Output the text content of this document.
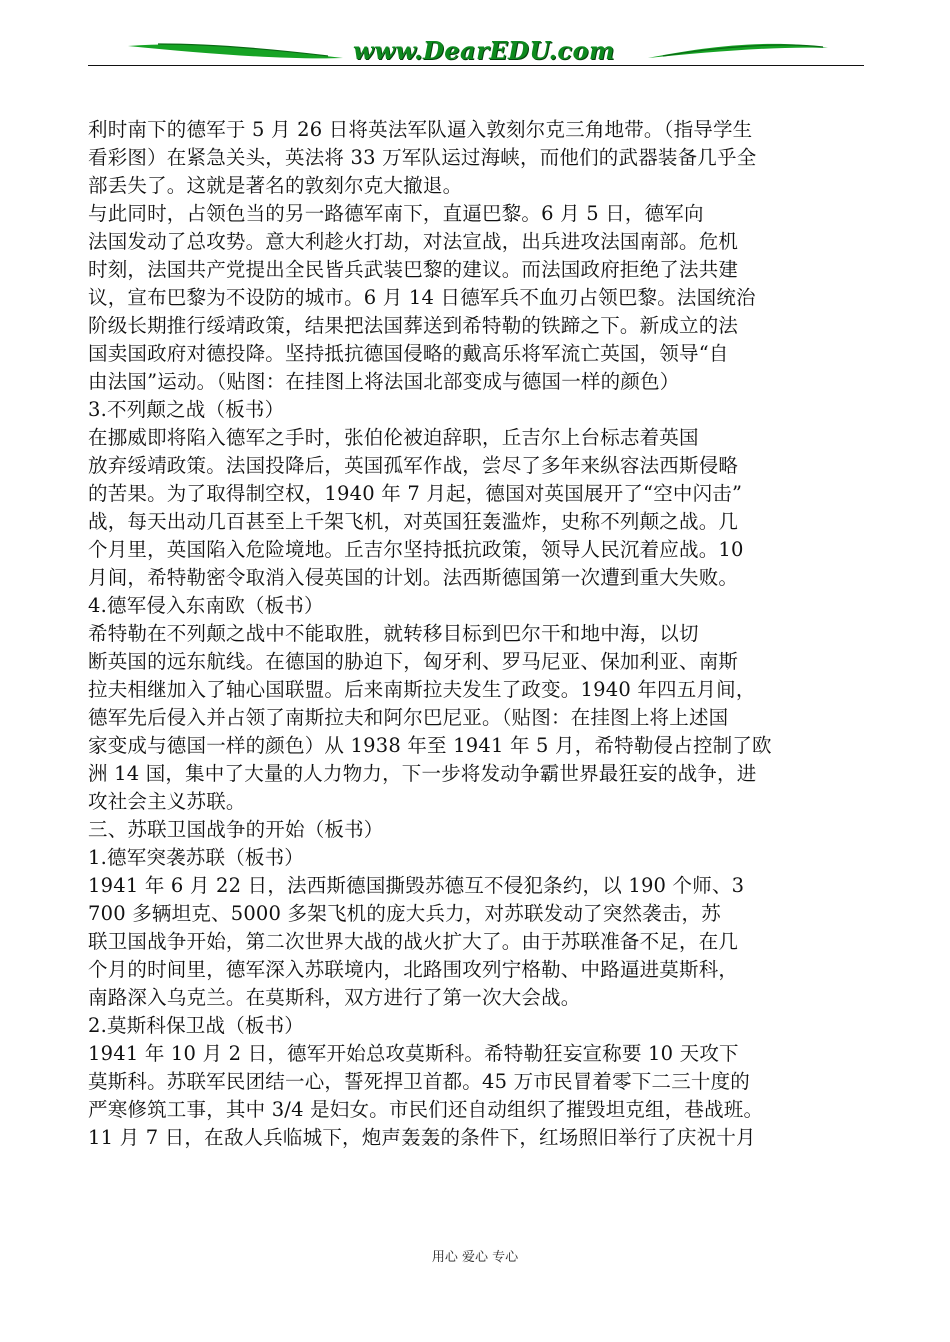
www.DearEDU.com
利时南下的德军于 5 月 26 日将英法军队逼入敦刻尔克三角地带。（指导学生
看彩图）在紧急关头，英法将 33 万军队运过海峡，而他们的武器装备几乎全
部丢失了。这就是著名的敦刻尔克大撤退。
与此同时，占领色当的另一路德军南下，直逼巴黎。6 月 5 日，德军向
法国发动了总攻势。意大利趁火打劫，对法宣战，出兵进攻法国南部。危机
时刻，法国共产党提出全民皆兵武装巴黎的建议。而法国政府拒绝了法共建
议，宣布巴黎为不设防的城市。6 月 14 日德军兵不血刃占领巴黎。法国统治
阶级长期推行绥靖政策，结果把法国葬送到希特勒的铁蹄之下。新成立的法
国卖国政府对德投降。坚持抵抗德国侵略的戴高乐将军流亡英国，领导“自
由法国”运动。（贴图：在挂图上将法国北部变成与德国一样的颜色）
3.不列颠之战（板书）
在挪威即将陷入德军之手时，张伯伦被迫辞职，丘吉尔上台标志着英国
放弃绥靖政策。法国投降后，英国孤军作战，尝尽了多年来纵容法西斯侵略
的苦果。为了取得制空权，1940 年 7 月起，德国对英国展开了“空中闪击”
战，每天出动几百甚至上千架飞机，对英国狂轰滥炸，史称不列颠之战。几
个月里，英国陷入危险境地。丘吉尔坚持抵抗政策，领导人民沉着应战。10
月间，希特勒密令取消入侵英国的计划。法西斯德国第一次遭到重大失败。
4.德军侵入东南欧（板书）
希特勒在不列颠之战中不能取胜，就转移目标到巴尔干和地中海，以切
断英国的远东航线。在德国的胁迫下，匈牙利、罗马尼亚、保加利亚、南斯
拉夫相继加入了轴心国联盟。后来南斯拉夫发生了政变。1940 年四五月间，
德军先后侵入并占领了南斯拉夫和阿尔巴尼亚。（贴图：在挂图上将上述国
家变成与德国一样的颜色）从 1938 年至 1941 年 5 月，希特勒侵占控制了欧
洲 14 国，集中了大量的人力物力，下一步将发动争霸世界最狂妄的战争，进
攻社会主义苏联。
三、苏联卫国战争的开始（板书）
1.德军突袭苏联（板书）
1941 年 6 月 22 日，法西斯德国撕毁苏德互不侵犯条约，以 190 个师、3
700 多辆坦克、5000 多架飞机的庞大兵力，对苏联发动了突然袭击，苏
联卫国战争开始，第二次世界大战的战火扩大了。由于苏联准备不足，在几
个月的时间里，德军深入苏联境内，北路围攻列宁格勒、中路逼进莫斯科，
南路深入乌克兰。在莫斯科，双方进行了第一次大会战。
2.莫斯科保卫战（板书）
1941 年 10 月 2 日，德军开始总攻莫斯科。希特勒狂妄宣称要 10 天攻下
莫斯科。苏联军民团结一心，誓死捍卫首都。45 万市民冒着零下二三十度的
严寒修筑工事，其中 3/4 是妇女。市民们还自动组织了摧毁坦克组，巷战班。
11 月 7 日，在敌人兵临城下，炮声轰轰的条件下，红场照旧举行了庆祝十月
用心 爱心 专心
